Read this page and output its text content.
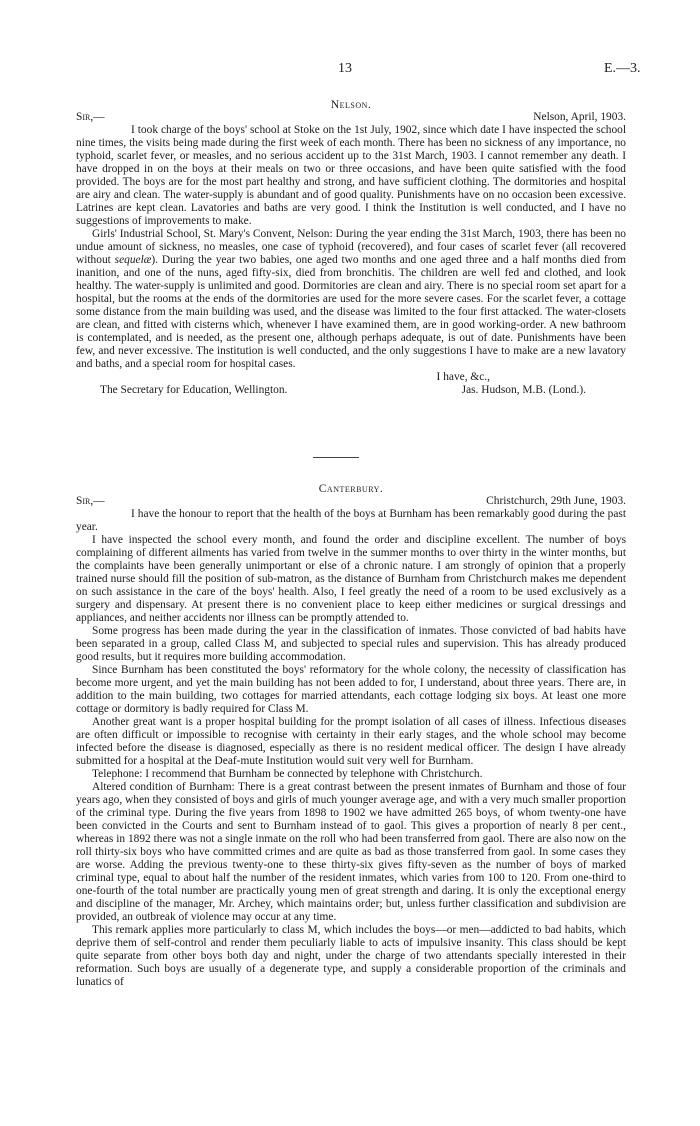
13	E.—3.
Nelson.
Sir,—	Nelson, April, 1903.

I took charge of the boys' school at Stoke on the 1st July, 1902, since which date I have inspected the school nine times, the visits being made during the first week of each month. There has been no sickness of any importance, no typhoid, scarlet fever, or measles, and no serious accident up to the 31st March, 1903. I cannot remember any death. I have dropped in on the boys at their meals on two or three occasions, and have been quite satisfied with the food provided. The boys are for the most part healthy and strong, and have sufficient clothing. The dormitories and hospital are airy and clean. The water-supply is abundant and of good quality. Punishments have on no occasion been excessive. Latrines are kept clean. Lavatories and baths are very good. I think the Institution is well conducted, and I have no suggestions of improvements to make.

Girls' Industrial School, St. Mary's Convent, Nelson: During the year ending the 31st March, 1903, there has been no undue amount of sickness, no measles, one case of typhoid (recovered), and four cases of scarlet fever (all recovered without sequelæ). During the year two babies, one aged two months and one aged three and a half months died from inanition, and one of the nuns, aged fifty-six, died from bronchitis. The children are well fed and clothed, and look healthy. The water-supply is unlimited and good. Dormitories are clean and airy. There is no special room set apart for a hospital, but the rooms at the ends of the dormitories are used for the more severe cases. For the scarlet fever, a cottage some distance from the main building was used, and the disease was limited to the four first attacked. The water-closets are clean, and fitted with cisterns which, whenever I have examined them, are in good working-order. A new bathroom is contemplated, and is needed, as the present one, although perhaps adequate, is out of date. Punishments have been few, and never excessive. The institution is well conducted, and the only suggestions I have to make are a new lavatory and baths, and a special room for hospital cases.

I have, &c.,
The Secretary for Education, Wellington.	Jas. Hudson, M.B. (Lond.).
Canterbury.
Sir,—	Christchurch, 29th June, 1903.

I have the honour to report that the health of the boys at Burnham has been remarkably good during the past year.

I have inspected the school every month, and found the order and discipline excellent. The number of boys complaining of different ailments has varied from twelve in the summer months to over thirty in the winter months, but the complaints have been generally unimportant or else of a chronic nature. I am strongly of opinion that a properly trained nurse should fill the position of sub-matron, as the distance of Burnham from Christchurch makes me dependent on such assistance in the care of the boys' health. Also, I feel greatly the need of a room to be used exclusively as a surgery and dispensary. At present there is no convenient place to keep either medicines or surgical dressings and appliances, and neither accidents nor illness can be promptly attended to.

Some progress has been made during the year in the classification of inmates. Those convicted of bad habits have been separated in a group, called Class M, and subjected to special rules and supervision. This has already produced good results, but it requires more building accommodation.

Since Burnham has been constituted the boys' reformatory for the whole colony, the necessity of classification has become more urgent, and yet the main building has not been added to for, I understand, about three years. There are, in addition to the main building, two cottages for married attendants, each cottage lodging six boys. At least one more cottage or dormitory is badly required for Class M.

Another great want is a proper hospital building for the prompt isolation of all cases of illness. Infectious diseases are often difficult or impossible to recognise with certainty in their early stages, and the whole school may become infected before the disease is diagnosed, especially as there is no resident medical officer. The design I have already submitted for a hospital at the Deaf-mute Institution would suit very well for Burnham.

Telephone: I recommend that Burnham be connected by telephone with Christchurch.

Altered condition of Burnham: There is a great contrast between the present inmates of Burnham and those of four years ago, when they consisted of boys and girls of much younger average age, and with a very much smaller proportion of the criminal type. During the five years from 1898 to 1902 we have admitted 265 boys, of whom twenty-one have been convicted in the Courts and sent to Burnham instead of to gaol. This gives a proportion of nearly 8 per cent., whereas in 1892 there was not a single inmate on the roll who had been transferred from gaol. There are also now on the roll thirty-six boys who have committed crimes and are quite as bad as those transferred from gaol. In some cases they are worse. Adding the previous twenty-one to these thirty-six gives fifty-seven as the number of boys of marked criminal type, equal to about half the number of the resident inmates, which varies from 100 to 120. From one-third to one-fourth of the total number are practically young men of great strength and daring. It is only the exceptional energy and discipline of the manager, Mr. Archey, which maintains order; but, unless further classification and subdivision are provided, an outbreak of violence may occur at any time.

This remark applies more particularly to class M, which includes the boys—or men—addicted to bad habits, which deprive them of self-control and render them peculiarly liable to acts of impulsive insanity. This class should be kept quite separate from other boys both day and night, under the charge of two attendants specially interested in their reformation. Such boys are usually of a degenerate type, and supply a considerable proportion of the criminals and lunatics of
